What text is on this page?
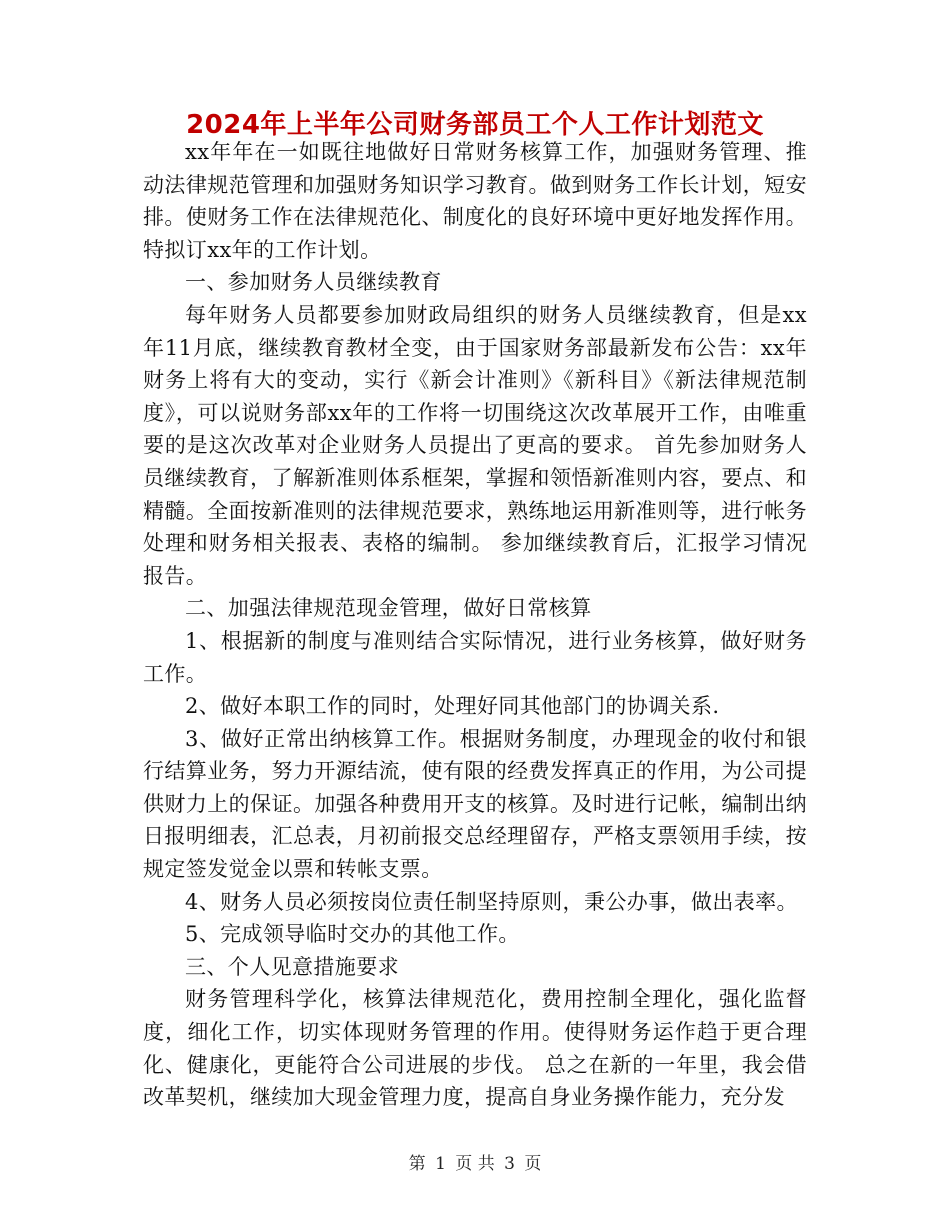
2024年上半年公司财务部员工个人工作计划范文

xx年年在一如既往地做好日常财务核算工作，加强财务管理、推动法律规范管理和加强财务知识学习教育。做到财务工作长计划，短安排。使财务工作在法律规范化、制度化的良好环境中更好地发挥作用。特拟订xx年的工作计划。

一、参加财务人员继续教育

每年财务人员都要参加财政局组织的财务人员继续教育，但是xx年11月底，继续教育教材全变，由于国家财务部最新发布公告：xx年财务上将有大的变动，实行《新会计准则》《新科目》《新法律规范制度》，可以说财务部xx年的工作将一切围绕这次改革展开工作，由唯重要的是这次改革对企业财务人员提出了更高的要求。 首先参加财务人员继续教育，了解新准则体系框架，掌握和领悟新准则内容，要点、和精髓。全面按新准则的法律规范要求，熟练地运用新准则等，进行帐务处理和财务相关报表、表格的编制。 参加继续教育后，汇报学习情况报告。

二、加强法律规范现金管理，做好日常核算

1、根据新的制度与准则结合实际情况，进行业务核算，做好财务工作。

2、做好本职工作的同时，处理好同其他部门的协调关系.

3、做好正常出纳核算工作。根据财务制度，办理现金的收付和银行结算业务，努力开源结流，使有限的经费发挥真正的作用，为公司提供财力上的保证。加强各种费用开支的核算。及时进行记帐，编制出纳日报明细表，汇总表，月初前报交总经理留存，严格支票领用手续，按规定签发觉金以票和转帐支票。

4、财务人员必须按岗位责任制坚持原则，秉公办事，做出表率。

5、完成领导临时交办的其他工作。

三、个人见意措施要求

财务管理科学化，核算法律规范化，费用控制全理化，强化监督度，细化工作，切实体现财务管理的作用。使得财务运作趋于更合理化、健康化，更能符合公司进展的步伐。 总之在新的一年里，我会借改革契机，继续加大现金管理力度，提高自身业务操作能力，充分发

第 1 页 共 3 页
